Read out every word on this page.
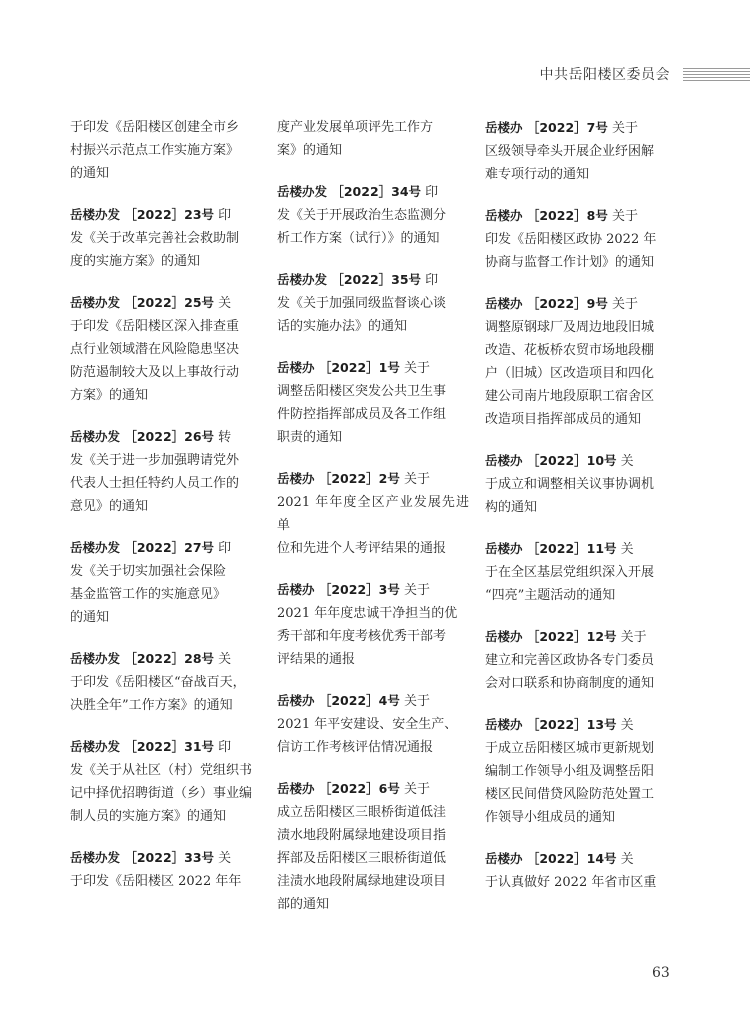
中共岳阳楼区委员会

于印发《岳阳楼区创建全市乡

村振兴示范点工作实施方案》

的通知

岳楼办发 ［2022］23号 印

发《关于改革完善社会救助制

度的实施方案》的通知

岳楼办发 ［2022］25号 关

于印发《岳阳楼区深入排查重

点行业领域潜在风险隐患坚决

防范遏制较大及以上事故行动

方案》的通知

岳楼办发 ［2022］26号 转

发《关于进一步加强聘请党外

代表人士担任特约人员工作的

意见》的通知

岳楼办发 ［2022］27号 印

发《关于切实加强社会保险

基金监管工作的实施意见》

的通知

岳楼办发 ［2022］28号 关

于印发《岳阳楼区“奋战百天，

决胜全年”工作方案》的通知

岳楼办发 ［2022］31号 印

发《关于从社区（村）党组织书

记中择优招聘街道（乡）事业编

制人员的实施方案》的通知

岳楼办发 ［2022］33号 关

于印发《岳阳楼区 2022 年年

度产业发展单项评先工作方

案》的通知

岳楼办发 ［2022］34号 印

发《关于开展政治生态监测分

析工作方案（试行）》的通知

岳楼办发 ［2022］35号 印

发《关于加强同级监督谈心谈

话的实施办法》的通知

岳楼办 ［2022］1号 关于

调整岳阳楼区突发公共卫生事

件防控指挥部成员及各工作组

职责的通知

岳楼办 ［2022］2号 关于

2021 年年度全区产业发展先进单

位和先进个人考评结果的通报

岳楼办 ［2022］3号 关于

2021 年年度忠诚干净担当的优

秀干部和年度考核优秀干部考

评结果的通报

岳楼办 ［2022］4号 关于

2021 年平安建设、安全生产、

信访工作考核评估情况通报

岳楼办 ［2022］6号 关于

成立岳阳楼区三眼桥街道低洼

渍水地段附属绿地建设项目指

挥部及岳阳楼区三眼桥街道低

洼渍水地段附属绿地建设项目

部的通知

岳楼办 ［2022］7号 关于

区级领导牵头开展企业纾困解

难专项行动的通知

岳楼办 ［2022］8号 关于

印发《岳阳楼区政协 2022 年

协商与监督工作计划》的通知

岳楼办 ［2022］9号 关于

调整原钢球厂及周边地段旧城

改造、花板桥农贸市场地段棚

户（旧城）区改造项目和四化

建公司南片地段原职工宿舍区

改造项目指挥部成员的通知

岳楼办 ［2022］10号 关

于成立和调整相关议事协调机

构的通知

岳楼办 ［2022］11号 关

于在全区基层党组织深入开展

“四亮”主题活动的通知

岳楼办 ［2022］12号 关于

建立和完善区政协各专门委员

会对口联系和协商制度的通知

岳楼办 ［2022］13号 关

于成立岳阳楼区城市更新规划

编制工作领导小组及调整岳阳

楼区民间借贷风险防范处置工

作领导小组成员的通知

岳楼办 ［2022］14号 关

于认真做好 2022 年省市区重

63
